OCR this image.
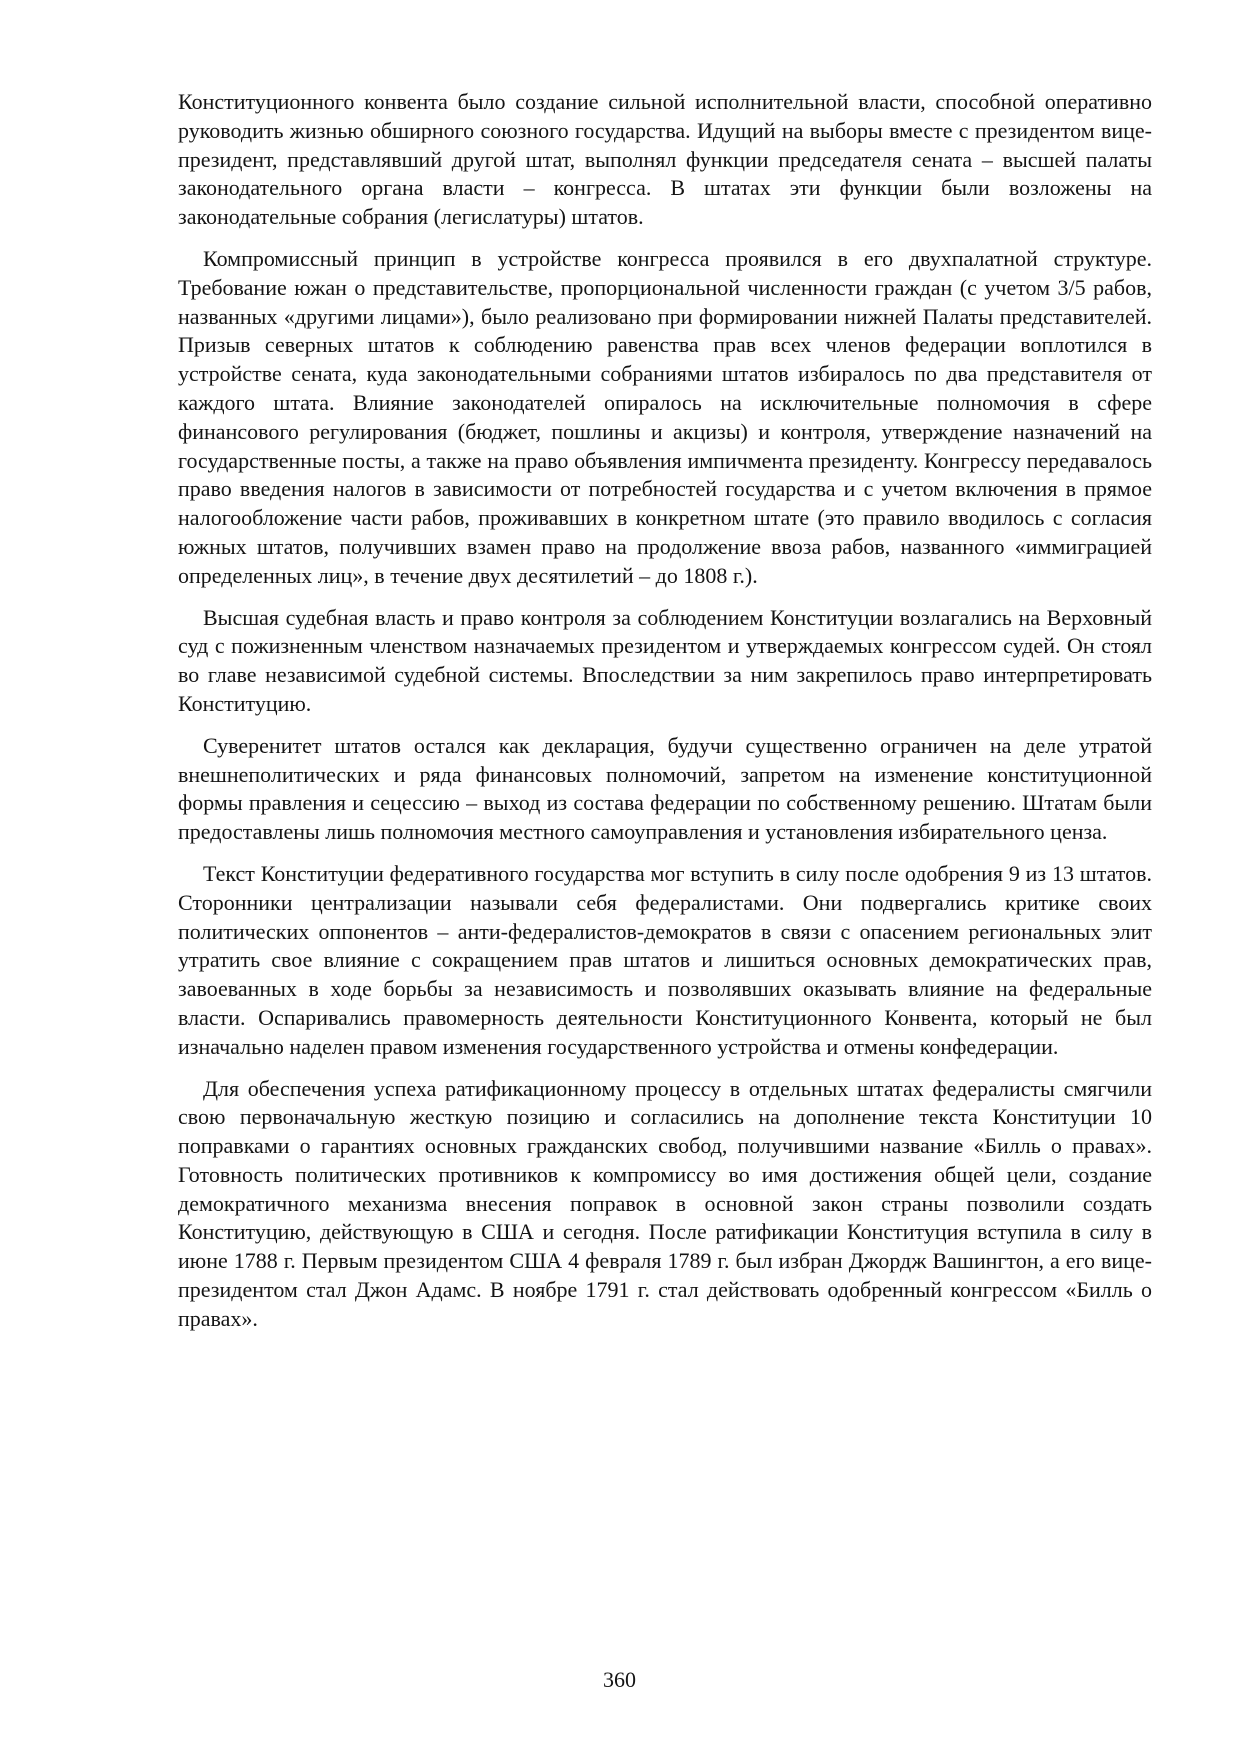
Конституционного конвента было создание сильной исполнительной власти, способной оперативно руководить жизнью обширного союзного государства. Идущий на выборы вместе с президентом вице-президент, представлявший другой штат, выполнял функции председателя сената – высшей палаты законодательного органа власти – конгресса. В штатах эти функции были возложены на законодательные собрания (легислатуры) штатов.

Компромиссный принцип в устройстве конгресса проявился в его двухпалатной структуре. Требование южан о представительстве, пропорциональной численности граждан (с учетом 3/5 рабов, названных «другими лицами»), было реализовано при формировании нижней Палаты представителей. Призыв северных штатов к соблюдению равенства прав всех членов федерации воплотился в устройстве сената, куда законодательными собраниями штатов избиралось по два представителя от каждого штата. Влияние законодателей опиралось на исключительные полномочия в сфере финансового регулирования (бюджет, пошлины и акцизы) и контроля, утверждение назначений на государственные посты, а также на право объявления импичмента президенту. Конгрессу передавалось право введения налогов в зависимости от потребностей государства и с учетом включения в прямое налогообложение части рабов, проживавших в конкретном штате (это правило вводилось с согласия южных штатов, получивших взамен право на продолжение ввоза рабов, названного «иммиграцией определенных лиц», в течение двух десятилетий – до 1808 г.).

Высшая судебная власть и право контроля за соблюдением Конституции возлагались на Верховный суд с пожизненным членством назначаемых президентом и утверждаемых конгрессом судей. Он стоял во главе независимой судебной системы. Впоследствии за ним закрепилось право интерпретировать Конституцию.

Суверенитет штатов остался как декларация, будучи существенно ограничен на деле утратой внешнеполитических и ряда финансовых полномочий, запретом на изменение конституционной формы правления и сецессию – выход из состава федерации по собственному решению. Штатам были предоставлены лишь полномочия местного самоуправления и установления избирательного ценза.

Текст Конституции федеративного государства мог вступить в силу после одобрения 9 из 13 штатов. Сторонники централизации называли себя федералистами. Они подвергались критике своих политических оппонентов – анти-федералистов-демократов в связи с опасением региональных элит утратить свое влияние с сокращением прав штатов и лишиться основных демократических прав, завоеванных в ходе борьбы за независимость и позволявших оказывать влияние на федеральные власти. Оспаривались правомерность деятельности Конституционного Конвента, который не был изначально наделен правом изменения государственного устройства и отмены конфедерации.

Для обеспечения успеха ратификационному процессу в отдельных штатах федералисты смягчили свою первоначальную жесткую позицию и согласились на дополнение текста Конституции 10 поправками о гарантиях основных гражданских свобод, получившими название «Билль о правах». Готовность политических противников к компромиссу во имя достижения общей цели, создание демократичного механизма внесения поправок в основной закон страны позволили создать Конституцию, действующую в США и сегодня. После ратификации Конституция вступила в силу в июне 1788 г. Первым президентом США 4 февраля 1789 г. был избран Джордж Вашингтон, а его вице-президентом стал Джон Адамс. В ноябре 1791 г. стал действовать одобренный конгрессом «Билль о правах».

360
